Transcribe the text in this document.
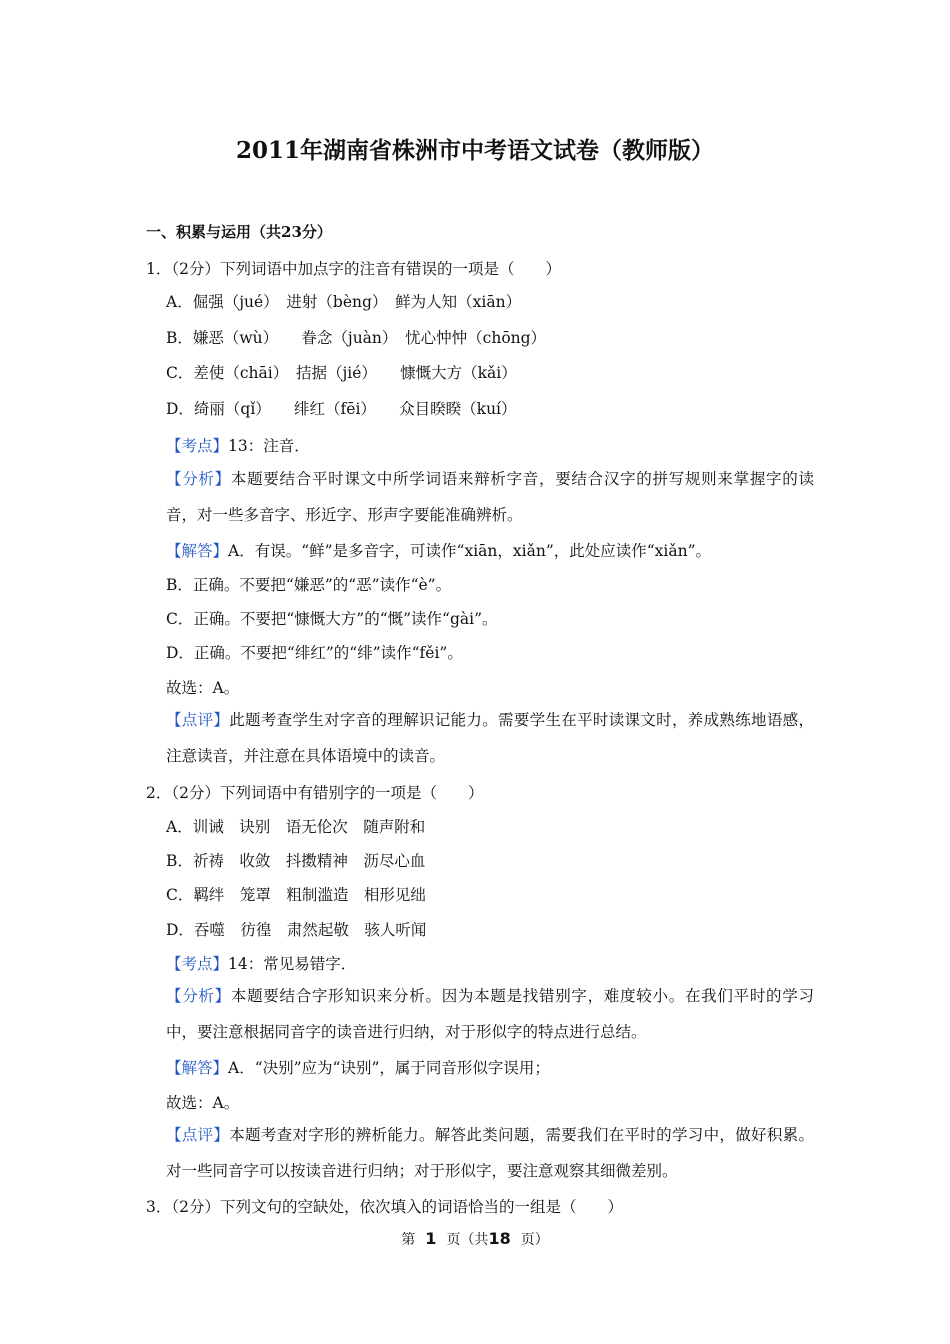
2011年湖南省株洲市中考语文试卷（教师版）
一、积累与运用（共23分）
1．（2分）下列词语中加点字的注音有错误的一项是（　　）
A．倔强（jué）　进射（bèng）　鲜为人知（xiān）
B．嫌恶（wù）　　眷念（juàn）　忧心忡忡（chōng）
C．差使（chāi）　拮据（jié）　　慷慨大方（kǎi）
D．绮丽（qǐ）　　绯红（fēi）　　众目睽睽（kuí）
【考点】13：注音．
【分析】本题要结合平时课文中所学词语来辩析字音，要结合汉字的拼写规则来掌握字的读音，对一些多音字、形近字、形声字要能准确辨析。
【解答】A．有误。“鲜”是多音字，可读作“xiān，xiǎn”，此处应读作“xiǎn”。
B．正确。不要把“嫌恶”的“恶”读作“è”。
C．正确。不要把“慷慨大方”的“慨”读作“gài”。
D．正确。不要把“绯红”的“绯”读作“fěi”。
故选：A。
【点评】此题考查学生对字音的理解识记能力。需要学生在平时读课文时，养成熟练地语感，注意读音，并注意在具体语境中的读音。
2．（2分）下列词语中有错别字的一项是（　　）
A．训诫　诀别　语无伦次　随声附和
B．祈祷　收敛　抖擞精神　沥尽心血
C．羁绊　笼罩　粗制滥造　相形见绌
D．吞噬　彷徨　肃然起敬　骇人听闻
【考点】14：常见易错字．
【分析】本题要结合字形知识来分析。因为本题是找错别字，难度较小。在我们平时的学习中，要注意根据同音字的读音进行归纳，对于形似字的特点进行总结。
【解答】A．“决别”应为“诀别”，属于同音形似字误用；
故选：A。
【点评】本题考查对字形的辨析能力。解答此类问题，需要我们在平时的学习中，做好积累。对一些同音字可以按读音进行归纳；对于形似字，要注意观察其细微差别。
3．（2分）下列文句的空缺处，依次填入的词语恰当的一组是（　　）
第 1 页（共18 页）
